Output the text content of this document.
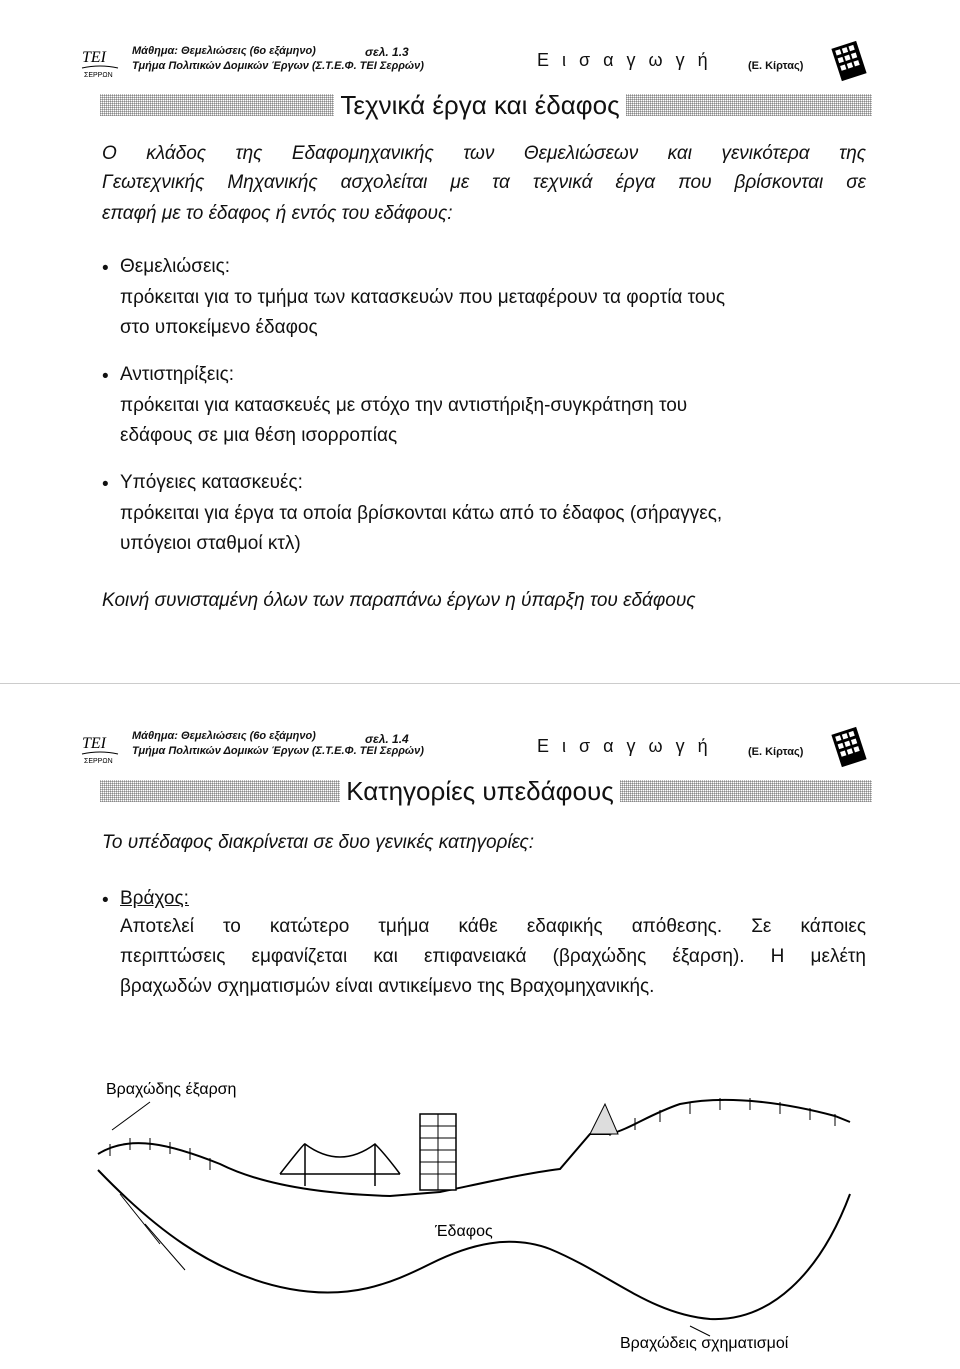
TEI
ΣΕΡΡΩΝ
Μάθημα: Θεμελιώσεις (6ο εξάμηνο)
Τμήμα Πολιτικών Δομικών Έργων (Σ.Τ.Ε.Φ. ΤΕΙ Σερρών)
σελ. 1.3	Ε ι σ α γ ω γ ή	(Ε. Κίρτας)
Τεχνικά έργα και έδαφος
Ο κλάδος της Εδαφομηχανικής των Θεμελιώσεων και γενικότερα της
Γεωτεχνικής Μηχανικής ασχολείται με τα τεχνικά έργα που βρίσκονται σε
επαφή με το έδαφος ή εντός του εδάφους:
• Θεμελιώσεις:
πρόκειται για το τμήμα των κατασκευών που μεταφέρουν τα φορτία τους
στο υποκείμενο έδαφος
• Αντιστηρίξεις:
πρόκειται για κατασκευές με στόχο την αντιστήριξη-συγκράτηση του
εδάφους σε μια θέση ισορροπίας
• Υπόγειες κατασκευές:
πρόκειται για έργα τα οποία βρίσκονται κάτω από το έδαφος (σήραγγες,
υπόγειοι σταθμοί κτλ)
Κοινή συνισταμένη όλων των παραπάνω έργων η ύπαρξη του εδάφους
TEI
ΣΕΡΡΩΝ
Μάθημα: Θεμελιώσεις (6ο εξάμηνο)
Τμήμα Πολιτικών Δομικών Έργων (Σ.Τ.Ε.Φ. ΤΕΙ Σερρών)
σελ. 1.4	Ε ι σ α γ ω γ ή	(Ε. Κίρτας)
Κατηγορίες υπεδάφους
Το υπέδαφος διακρίνεται σε δυο γενικές κατηγορίες:
• Βράχος:
Αποτελεί το κατώτερο τμήμα κάθε εδαφικής απόθεσης. Σε κάποιες
περιπτώσεις εμφανίζεται και επιφανειακά (βραχώδης έξαρση). Η μελέτη
βραχωδών σχηματισμών είναι αντικείμενο της Βραχομηχανικής.
Βραχώδης έξαρση
Έδαφος
Βραχώδεις σχηματισμοί
